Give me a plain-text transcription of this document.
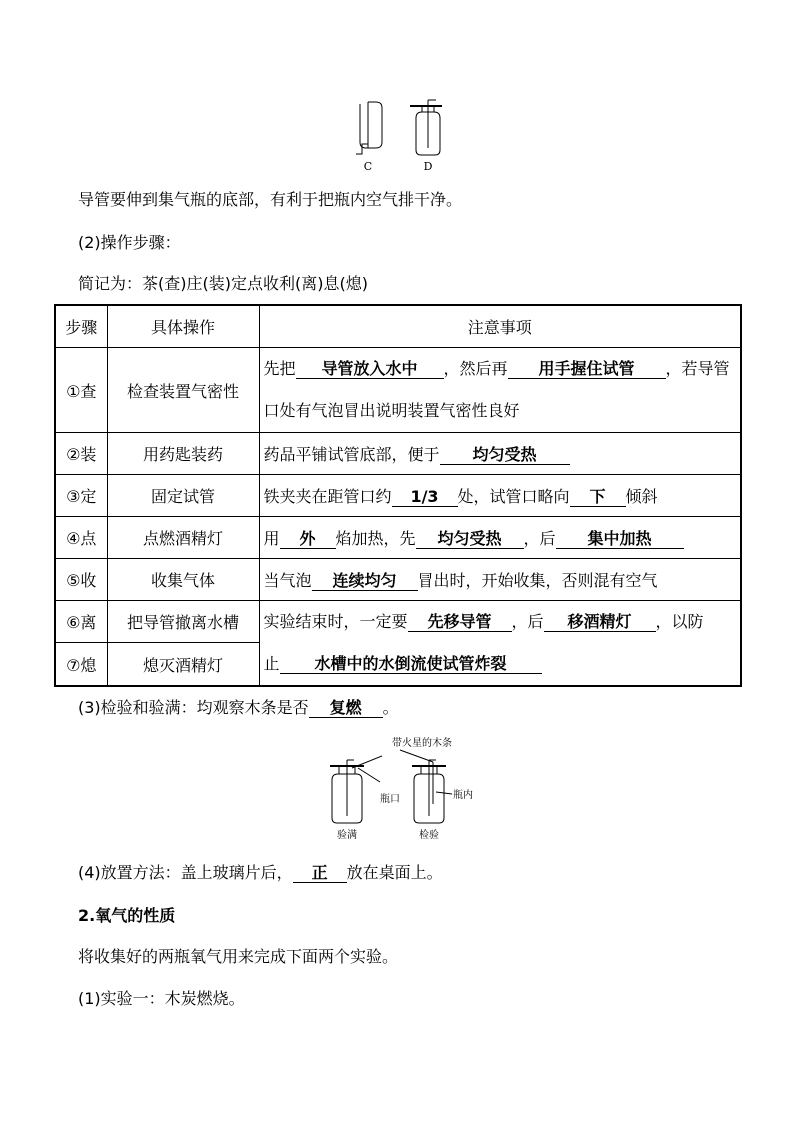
C	D
导管要伸到集气瓶的底部，有利于把瓶内空气排干净。
(2)操作步骤：
简记为：茶(查)庄(装)定点收利(离)息(熄)
步骤	具体操作	注意事项
①查	检查装置气密性	先把 导管放入水中 ，然后再 用手握住试管 ，若导管
口处有气泡冒出说明装置气密性良好

②装	用药匙装药	药品平铺试管底部，便于 均匀受热
③定	固定试管	铁夹夹在距管口约 1/3 处，试管口略向 下 倾斜
④点	点燃酒精灯	用 外 焰加热，先 均匀受热 ，后 集中加热
⑤收	收集气体	当气泡 连续均匀 冒出时，开始收集，否则混有空气
⑥离	把导管撤离水槽	实验结束时，一定要 先移导管 ，后 移酒精灯 ，以防
止 水槽中的水倒流使试管炸裂

⑦熄	熄灭酒精灯	
(3)检验和验满：均观察木条是否 复燃 。
带火星的木条
瓶口	瓶内
验满	检验
(4)放置方法：盖上玻璃片后， 正 放在桌面上。
2.氧气的性质
将收集好的两瓶氧气用来完成下面两个实验。
(1)实验一：木炭燃烧。
